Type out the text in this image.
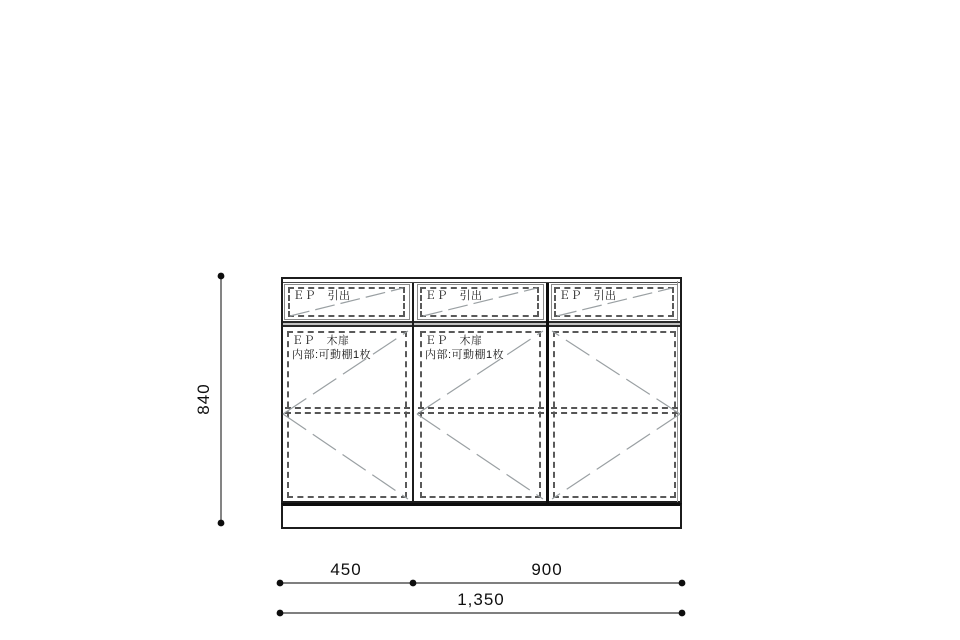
ＥＰ　引出	ＥＰ　引出	ＥＰ　引出
ＥＰ　木扉
内部:可動棚1枚
ＥＰ　木扉
内部:可動棚1枚
840
450	900
1,350
